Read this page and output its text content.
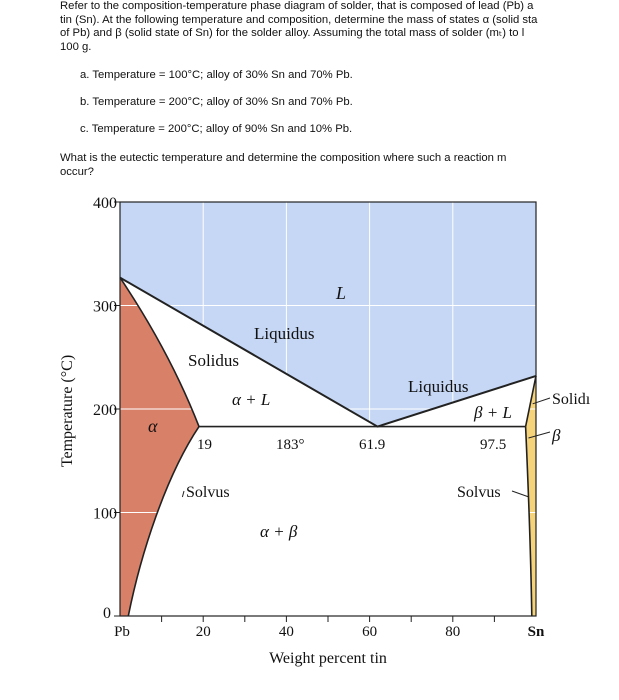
Refer to the composition-temperature phase diagram of solder, that is composed of lead (Pb) a
tin (Sn). At the following temperature and composition, determine the mass of states α (solid sta
of Pb) and β (solid state of Sn) for the solder alloy. Assuming the total mass of solder (mₜ) to l
100 g.
a. Temperature = 100°C; alloy of 30% Sn and 70% Pb.
b. Temperature = 200°C; alloy of 30% Sn and 70% Pb.
c. Temperature = 200°C; alloy of 90% Sn and 10% Pb.
What is the eutectic temperature and determine the composition where such a reaction m
occur?
0
100
200
300
400
Pb	20	40	60	80	Sn
Temperature (°C)
Weight percent tin
L
α
α + L
α + β
β + L
Liquidus
Liquidus
Solidus
Solidı
β
Solvus	Solvus
19	183°	61.9	97.5
